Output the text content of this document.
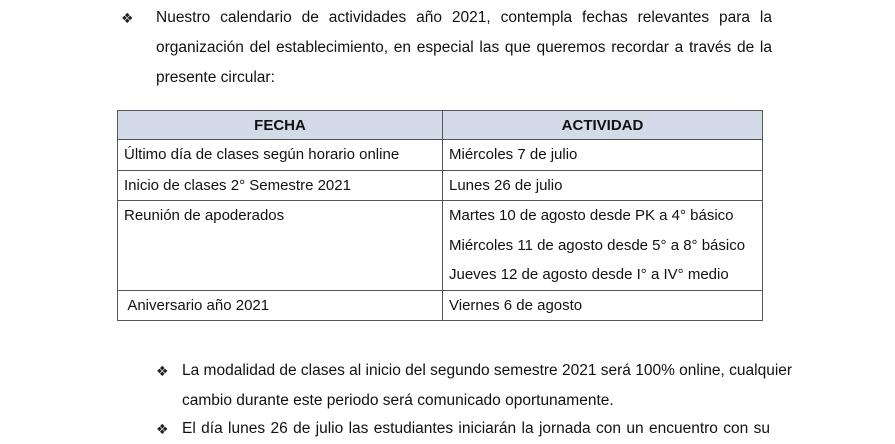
❖ Nuestro calendario de actividades año 2021, contempla fechas relevantes para la
organización del establecimiento, en especial las que queremos recordar a través de la
presente circular:
FECHA	ACTIVIDAD
Último día de clases según horario online	Miércoles 7 de julio

Inicio de clases 2° Semestre 2021	Lunes 26 de julio

Reunión de apoderados	Martes 10 de agosto desde PK a 4° básico
Miércoles 11 de agosto desde 5° a 8° básico
Jueves 12 de agosto desde I° a IV° medio

Aniversario año 2021	Viernes 6 de agosto
❖ La modalidad de clases al inicio del segundo semestre 2021 será 100% online, cualquier
cambio durante este periodo será comunicado oportunamente.
❖ El día lunes 26 de julio las estudiantes iniciarán la jornada con un encuentro con su
